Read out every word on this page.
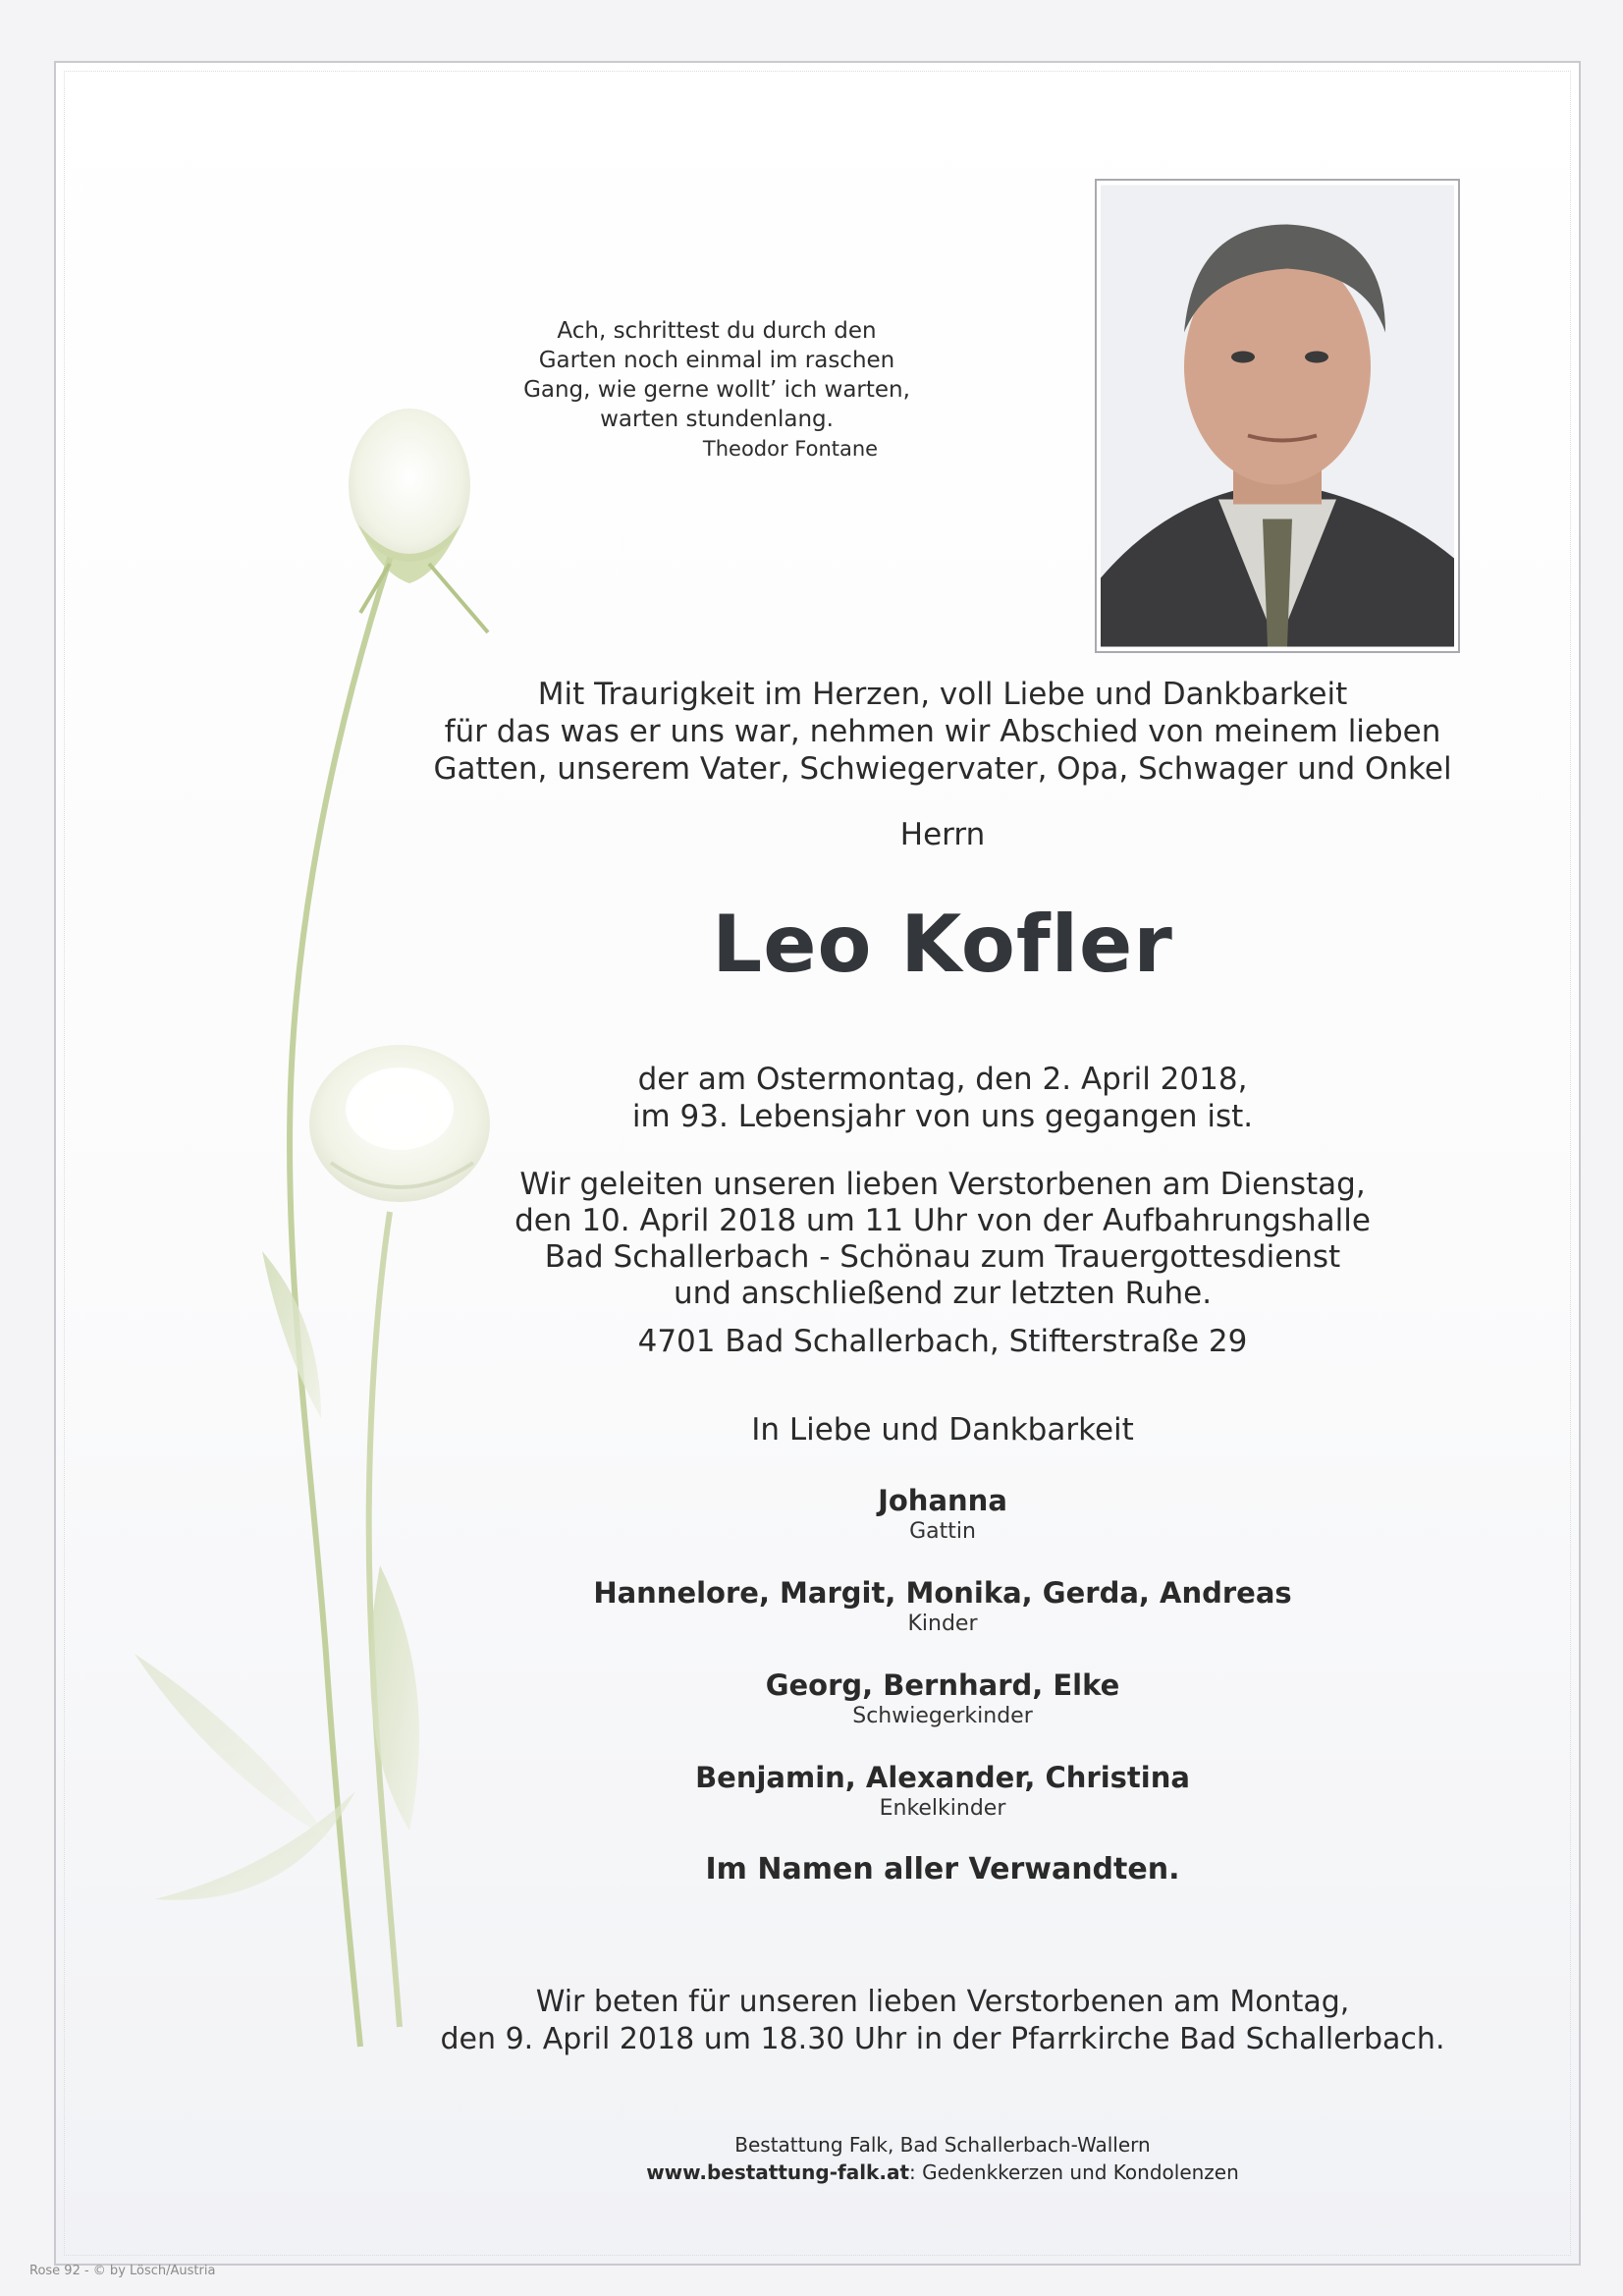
Ach, schrittest du durch den
Garten noch einmal im raschen
Gang, wie gerne wollt’ ich warten,
warten stundenlang.
Theodor Fontane
Mit Traurigkeit im Herzen, voll Liebe und Dankbarkeit
für das was er uns war, nehmen wir Abschied von meinem lieben
Gatten, unserem Vater, Schwiegervater, Opa, Schwager und Onkel
Herrn
Leo Kofler
der am Ostermontag, den 2. April 2018,
im 93. Lebensjahr von uns gegangen ist.
Wir geleiten unseren lieben Verstorbenen am Dienstag,
den 10. April 2018 um 11 Uhr von der Aufbahrungshalle
Bad Schallerbach - Schönau zum Trauergottesdienst
und anschließend zur letzten Ruhe.
4701 Bad Schallerbach, Stifterstraße 29
In Liebe und Dankbarkeit
Johanna
Gattin
Hannelore, Margit, Monika, Gerda, Andreas
Kinder
Georg, Bernhard, Elke
Schwiegerkinder
Benjamin, Alexander, Christina
Enkelkinder
Im Namen aller Verwandten.
Wir beten für unseren lieben Verstorbenen am Montag,
den 9. April 2018 um 18.30 Uhr in der Pfarrkirche Bad Schallerbach.
Bestattung Falk, Bad Schallerbach-Wallern
www.bestattung-falk.at: Gedenkkerzen und Kondolenzen
Rose 92 - © by Lösch/Austria
